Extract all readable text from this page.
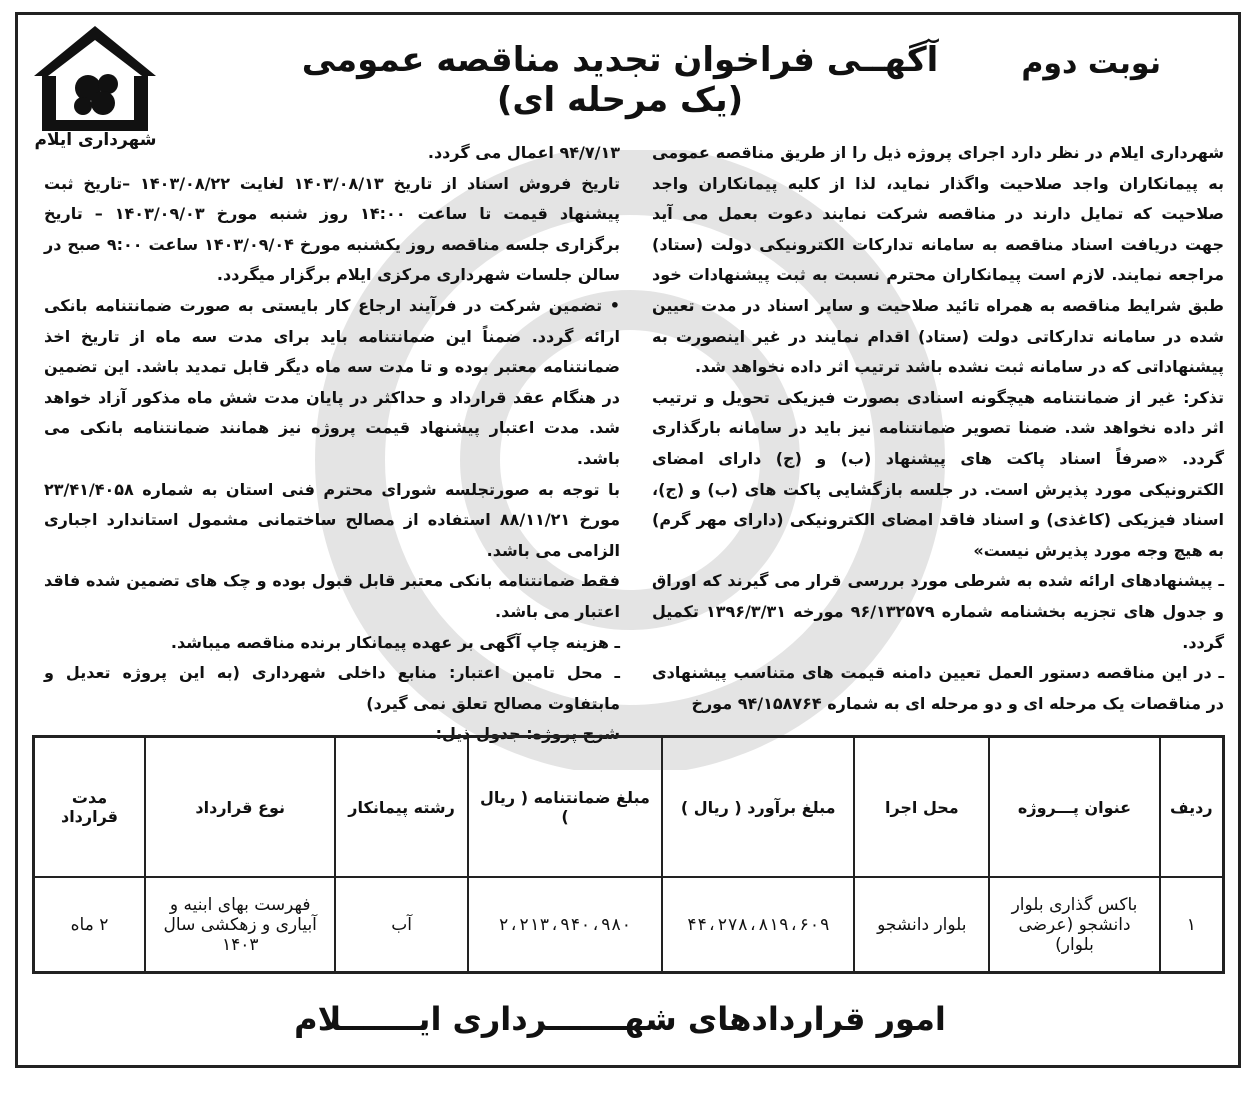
نوبت دوم
آگهــی فراخوان تجدید مناقصه عمومی (یک مرحله ای)
شهرداری ایلام

شهرداری ایلام در نظر دارد اجرای پروژه ذیل را از طریق مناقصه عمومی به پیمانکاران واجد صلاحیت واگذار نماید، لذا از کلیه پیمانکاران واجد صلاحیت که تمایل دارند در مناقصه شرکت نمایند دعوت بعمل می آید جهت دریافت اسناد مناقصه به سامانه تدارکات الکترونیکی دولت (ستاد) مراجعه نمایند. لازم است پیمانکاران محترم نسبت به ثبت پیشنهادات خود طبق شرایط مناقصه به همراه تائید صلاحیت و سایر اسناد در مدت تعیین شده در سامانه تدارکاتی دولت (ستاد) اقدام نمایند در غیر اینصورت به پیشنهاداتی که در سامانه ثبت نشده باشد ترتیب اثر داده نخواهد شد.

تذکر: غیر از ضمانتنامه هیچگونه اسنادی بصورت فیزیکی تحویل و ترتیب اثر داده نخواهد شد. ضمنا تصویر ضمانتنامه نیز باید در سامانه بارگذاری گردد. «صرفاً اسناد پاکت های پیشنهاد (ب) و (ج) دارای امضای الکترونیکی مورد پذیرش است. در جلسه بازگشایی پاکت های (ب) و (ج)، اسناد فیزیکی (کاغذی) و اسناد فاقد امضای الکترونیکی (دارای مهر گرم) به هیچ وجه مورد پذیرش نیست»

ـ پیشنهادهای ارائه شده به شرطی مورد بررسی قرار می گیرند که اوراق و جدول های تجزیه بخشنامه شماره ۹۶/۱۳۲۵۷۹ مورخه ۱۳۹۶/۳/۳۱ تکمیل گردد.

ـ در این مناقصه دستور العمل تعیین دامنه قیمت های متناسب پیشنهادی در مناقصات یک مرحله ای و دو مرحله ای به شماره ۹۴/۱۵۸۷۶۴ مورخ

۹۴/۷/۱۳ اعمال می گردد.

تاریخ فروش اسناد از تاریخ ۱۴۰۳/۰۸/۱۳ لغایت ۱۴۰۳/۰۸/۲۲ –تاریخ ثبت پیشنهاد قیمت تا ساعت ۱۴:۰۰ روز شنبه مورخ ۱۴۰۳/۰۹/۰۳ – تاریخ برگزاری جلسه مناقصه روز یکشنبه مورخ ۱۴۰۳/۰۹/۰۴ ساعت ۹:۰۰ صبح در سالن جلسات شهرداری مرکزی ایلام برگزار میگردد.

• تضمین شرکت در فرآیند ارجاع کار بایستی به صورت ضمانتنامه بانکی ارائه گردد. ضمناً این ضمانتنامه باید برای مدت سه ماه از تاریخ اخذ ضمانتنامه معتبر بوده و تا مدت سه ماه دیگر قابل تمدید باشد. این تضمین در هنگام عقد قرارداد و حداکثر در پایان مدت شش ماه مذکور آزاد خواهد شد. مدت اعتبار پیشنهاد قیمت پروژه نیز همانند ضمانتنامه بانکی می باشد.

با توجه به صورتجلسه شورای محترم فنی استان به شماره ۲۳/۴۱/۴۰۵۸ مورخ ۸۸/۱۱/۲۱ استفاده از مصالح ساختمانی مشمول استاندارد اجباری الزامی می باشد.

فقط ضمانتنامه بانکی معتبر قابل قبول بوده و چک های تضمین شده فاقد اعتبار می باشد.

ـ هزینه چاپ آگهی بر عهده پیمانکار برنده مناقصه میباشد.

ـ محل تامین اعتبار: منابع داخلی شهرداری (به این پروژه تعدیل و مابتفاوت مصالح تعلق نمی گیرد)

شرح پروژه: جدول ذیل:

ردیف	عنوان پـــروژه	محل اجرا	مبلغ برآورد ( ریال )	مبلغ ضمانتنامه ( ریال )	رشته پیمانکار	نوع قرارداد	مدت قرارداد
۱	باکس گذاری بلوار دانشجو (عرضی بلوار)	بلوار دانشجو	۴۴،۲۷۸،۸۱۹،۶۰۹	۲،۲۱۳،۹۴۰،۹۸۰	آب	فهرست بهای ابنیه و آبیاری و زهکشی سال ۱۴۰۳	۲ ماه
امور قراردادهای شهـــــــرداری ایـــــــلام
